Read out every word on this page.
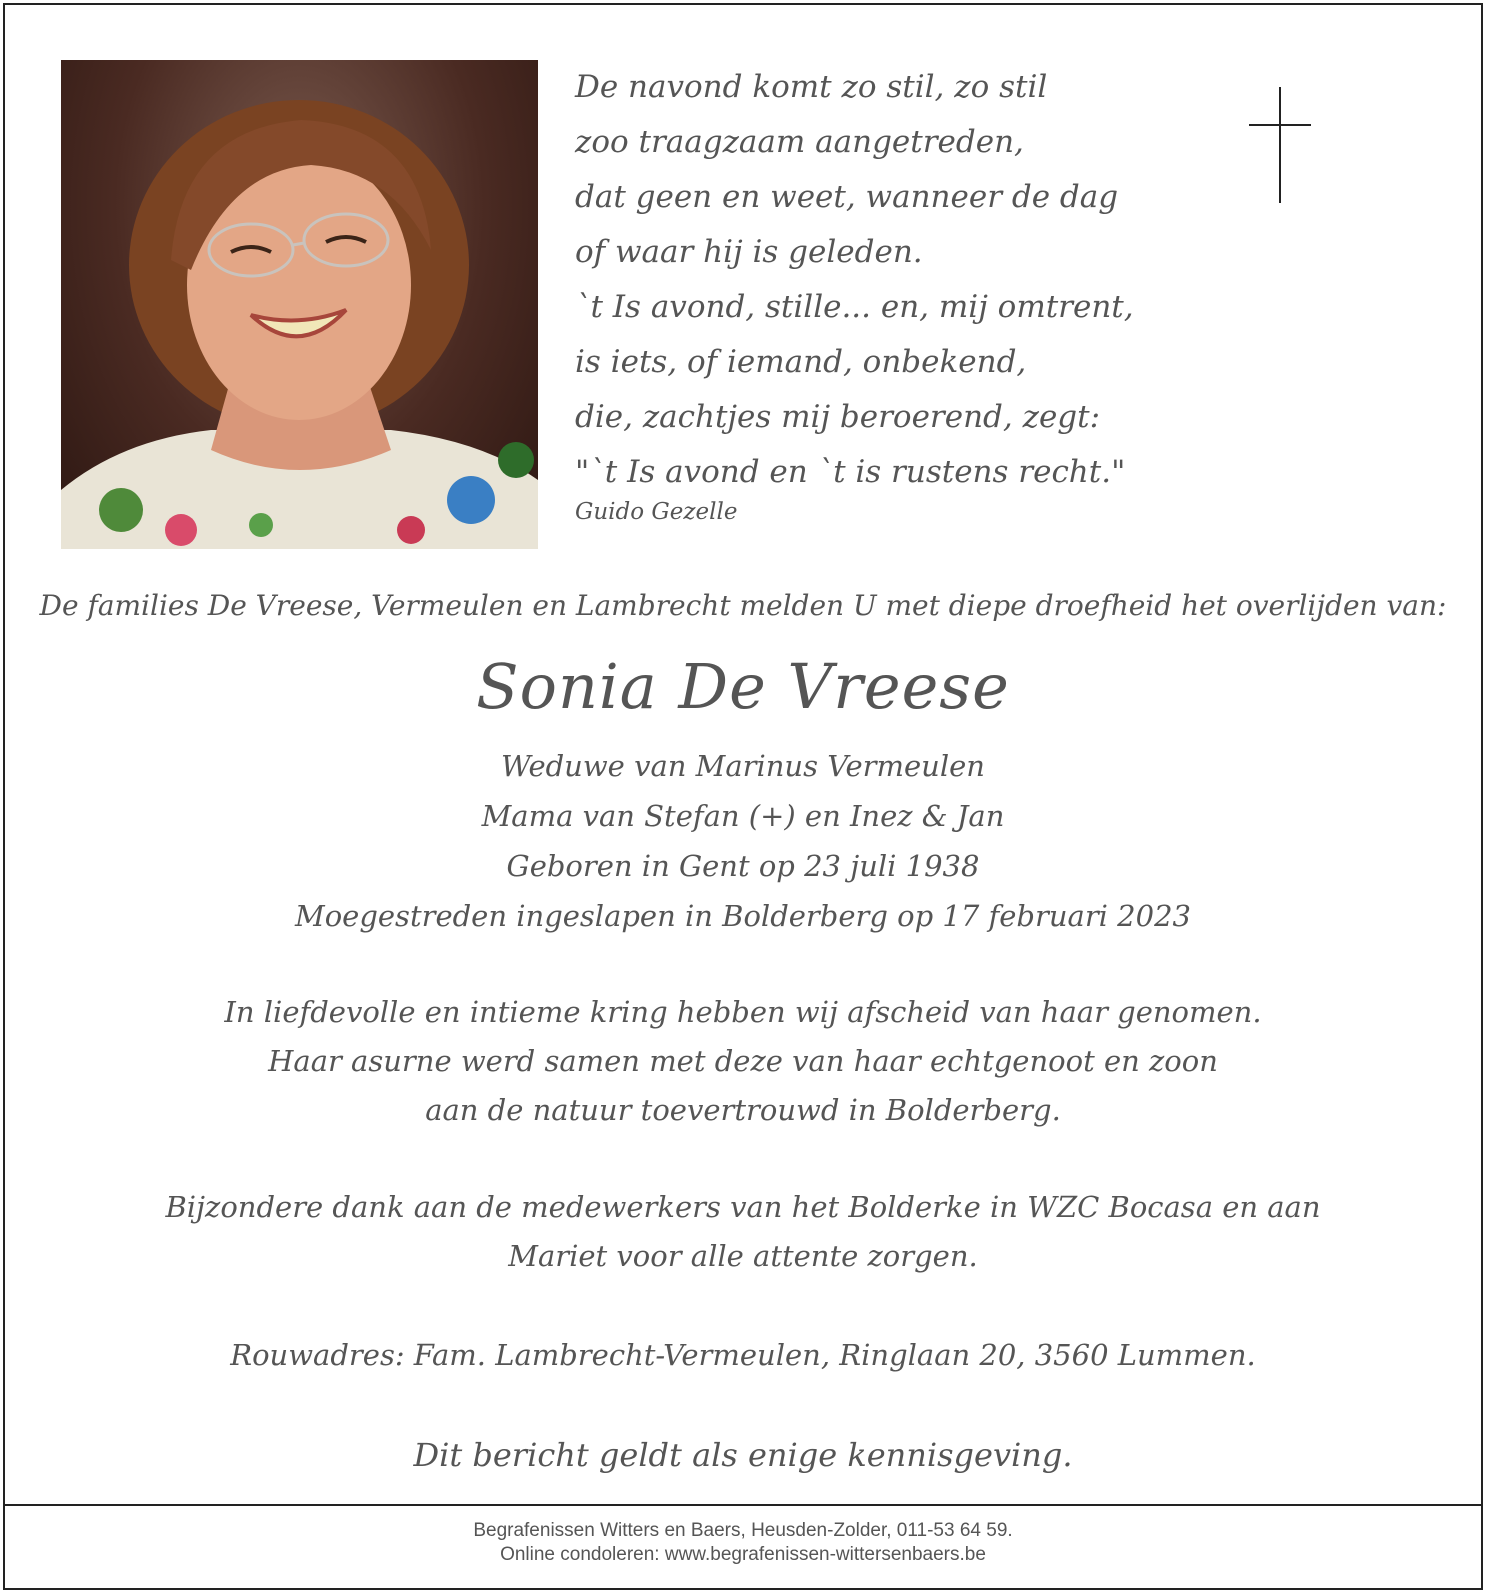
De navond komt zo stil, zo stil
zoo traagzaam aangetreden,
dat geen en weet, wanneer de dag
of waar hij is geleden.
`t Is avond, stille... en, mij omtrent,
is iets, of iemand, onbekend,
die, zachtjes mij beroerend, zegt:
"`t Is avond en `t is rustens recht."
Guido Gezelle
De families De Vreese, Vermeulen en Lambrecht melden U met diepe droefheid het overlijden van:
Sonia De Vreese
Weduwe van Marinus Vermeulen
Mama van Stefan (+) en Inez & Jan
Geboren in Gent op 23 juli 1938
Moegestreden ingeslapen in Bolderberg op 17 februari 2023
In liefdevolle en intieme kring hebben wij afscheid van haar genomen.
Haar asurne werd samen met deze van haar echtgenoot en zoon
aan de natuur toevertrouwd in Bolderberg.
Bijzondere dank aan de medewerkers van het Bolderke in WZC Bocasa en aan
Mariet voor alle attente zorgen.
Rouwadres: Fam. Lambrecht-Vermeulen, Ringlaan 20, 3560 Lummen.
Dit bericht geldt als enige kennisgeving.
Begrafenissen Witters en Baers, Heusden-Zolder, 011-53 64 59.
Online condoleren: www.begrafenissen-wittersenbaers.be
